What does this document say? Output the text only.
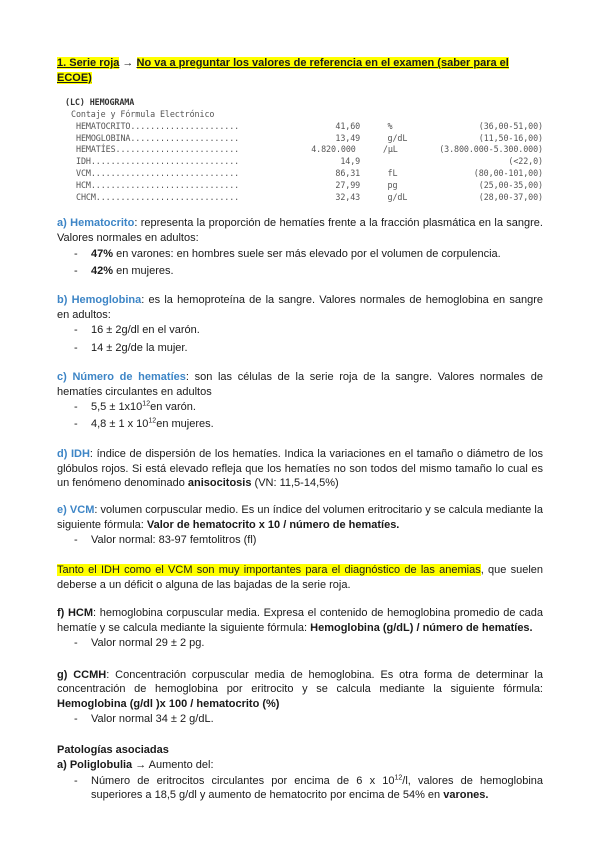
1. Serie roja → No va a preguntar los valores de referencia en el examen (saber para el ECOE)

(LC) HEMOGRAMA
Contaje y Fórmula Electrónico
HEMATOCRITO......................	41,60	%	(36,00-51,00)
HEMOGLOBINA......................	13,49	g/dL	(11,50-16,00)
HEMATÍES.........................	4.820.000	/µL	(3.800.000-5.300.000)
IDH..............................	14,9	(<22,0)
VCM..............................	86,31	fL	(80,00-101,00)
HCM..............................	27,99	pg	(25,00-35,00)
CHCM.............................	32,43	g/dL	(28,00-37,00)

a) Hematocrito: representa la proporción de hematíes frente a la fracción plasmática en la sangre. Valores normales en adultos:

- 47% en varones: en hombres suele ser más elevado por el volumen de corpulencia.
- 42% en mujeres.

b) Hemoglobina: es la hemoproteína de la sangre. Valores normales de hemoglobina en sangre en adultos:

- 16 ± 2g/dl en el varón.
- 14 ± 2g/de la mujer.

c) Número de hematíes: son las células de la serie roja de la sangre. Valores normales de hematíes circulantes en adultos

- $5,5 \pm 1x10^{12}en$ varón.
- 4,8 ± 1 x $10^{12}en$ mujeres.

d) IDH: índice de dispersión de los hematíes. Indica la variaciones en el tamaño o diámetro de los glóbulos rojos. Si está elevado refleja que los hematíes no son todos del mismo tamaño lo cual es un fenómeno denominado anisocitosis (VN: 11,5-14,5%)

e) VCM: volumen corpuscular medio. Es un índice del volumen eritrocitario y se calcula mediante la siguiente fórmula: Valor de hematocrito x 10 / número de hematíes.

- Valor normal: 83-97 femtolitros (fl)

Tanto el IDH como el VCM son muy importantes para el diagnóstico de las anemias, que suelen deberse a un déficit o alguna de las bajadas de la serie roja.

f) HCM: hemoglobina corpuscular media. Expresa el contenido de hemoglobina promedio de cada hematíe y se calcula mediante la siguiente fórmula: Hemoglobina (g/dL) / número de hematíes.

- Valor normal 29 ± 2 pg.

g) CCMH: Concentración corpuscular media de hemoglobina. Es otra forma de determinar la concentración de hemoglobina por eritrocito y se calcula mediante la siguiente fórmula: Hemoglobina (g/dl )x 100 / hematocrito (%)

- Valor normal 34 ± 2 g/dL.

Patologías asociadas

a) Poliglobulia → Aumento del:

- Número de eritrocitos circulantes por encima de 6 x $10^{12}/l$, valores de hemoglobina superiores a 18,5 g/dl y aumento de hematocrito por encima de 54% en varones.
